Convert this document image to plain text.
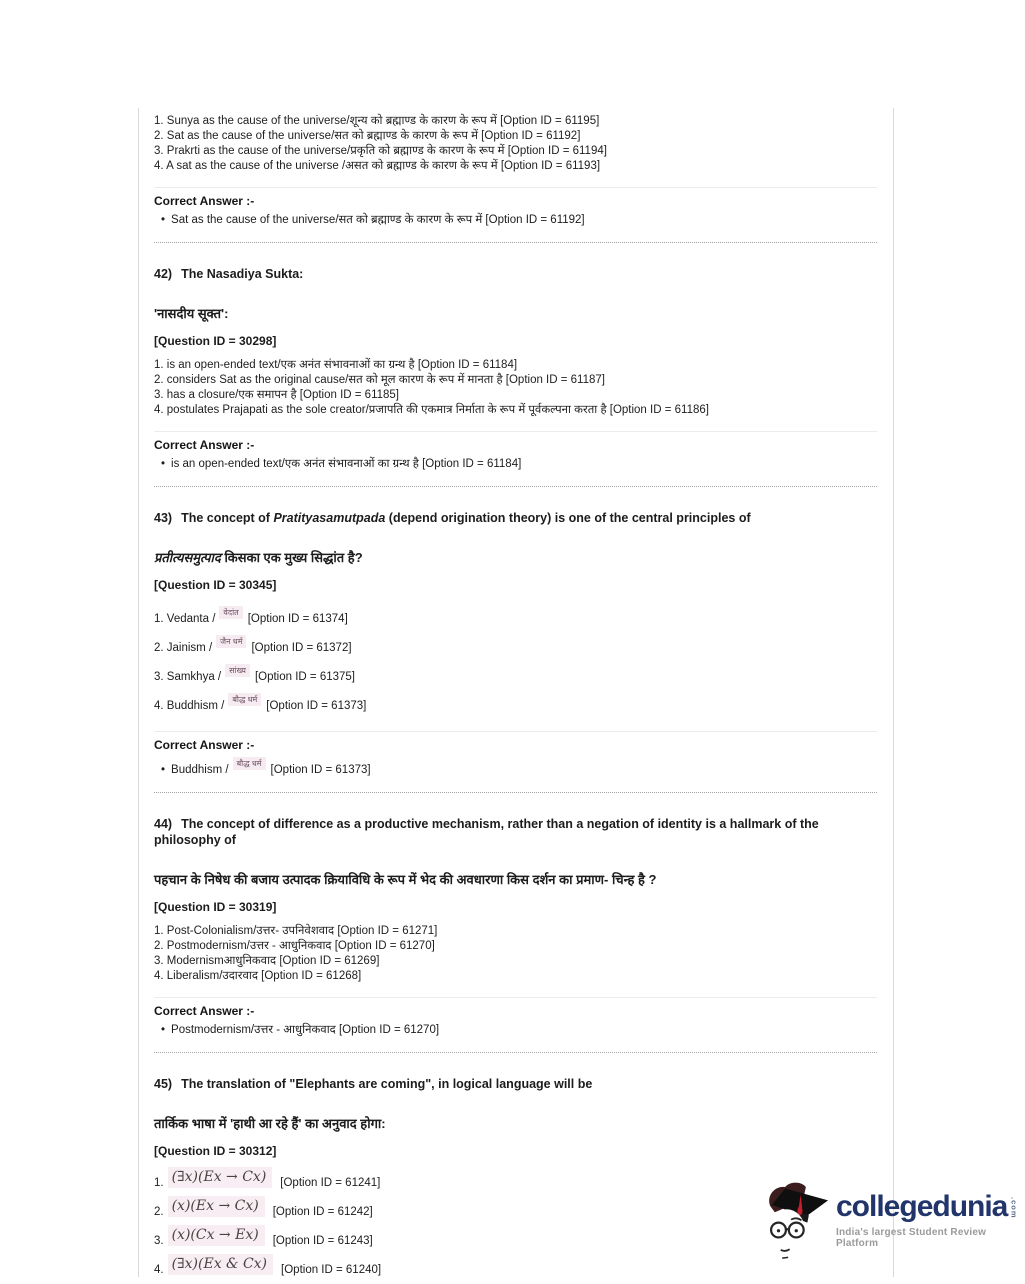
1. Sunya as the cause of the universe/शून्य को ब्रह्माण्ड के कारण के रूप में [Option ID = 61195]
2. Sat as the cause of the universe/सत को ब्रह्माण्ड के कारण के रूप में [Option ID = 61192]
3. Prakrti as the cause of the universe/प्रकृति को ब्रह्माण्ड के कारण के रूप में [Option ID = 61194]
4. A sat as the cause of the universe /असत को ब्रह्माण्ड के कारण के रूप में [Option ID = 61193]
Correct Answer :-
• Sat as the cause of the universe/सत को ब्रह्माण्ड के कारण के रूप में [Option ID = 61192]
42) The Nasadiya Sukta:
'नासदीय सूक्त':
[Question ID = 30298]
1. is an open-ended text/एक अनंत संभावनाओं का ग्रन्थ है [Option ID = 61184]
2. considers Sat as the original cause/सत को मूल कारण के रूप में मानता है [Option ID = 61187]
3. has a closure/एक समापन है [Option ID = 61185]
4. postulates Prajapati as the sole creator/प्रजापति की एकमात्र निर्माता के रूप में पूर्वकल्पना करता है [Option ID = 61186]
Correct Answer :-
• is an open-ended text/एक अनंत संभावनाओं का ग्रन्थ है [Option ID = 61184]
43) The concept of Pratityasamutpada (depend origination theory) is one of the central principles of
प्रतीत्यसमुत्पाद किसका एक मुख्य सिद्धांत है?
[Question ID = 30345]
1. Vedanta /वेदांत[Option ID = 61374]
2. Jainism /जैन धर्म[Option ID = 61372]
3. Samkhya /सांख्य[Option ID = 61375]
4. Buddhism /बौद्ध धर्म[Option ID = 61373]
Correct Answer :-
• Buddhism /बौद्ध धर्म[Option ID = 61373]
44) The concept of difference as a productive mechanism, rather than a negation of identity is a hallmark of the philosophy of
पहचान के निषेध की बजाय उत्पादक क्रियाविधि के रूप में भेद की अवधारणा किस दर्शन का प्रमाण- चिन्ह है ?
[Question ID = 30319]
1. Post-Colonialism/उत्तर- उपनिवेशवाद [Option ID = 61271]
2. Postmodernism/उत्तर - आधुनिकवाद [Option ID = 61270]
3. Modernismआधुनिकवाद [Option ID = 61269]
4. Liberalism/उदारवाद [Option ID = 61268]
Correct Answer :-
• Postmodernism/उत्तर - आधुनिकवाद [Option ID = 61270]
45) The translation of "Elephants are coming", in logical language will be
तार्किक भाषा में 'हाथी आ रहे हैं' का अनुवाद होगा:
[Question ID = 30312]
1. (∃x)(Ex → Cx)	[Option ID = 61241]
2. (x)(Ex → Cx)	[Option ID = 61242]
3. (x)(Cx → Ex)	[Option ID = 61243]
4. (∃x)(Ex & Cx)	[Option ID = 61240]
collegedunia .com
India's largest Student Review Platform
